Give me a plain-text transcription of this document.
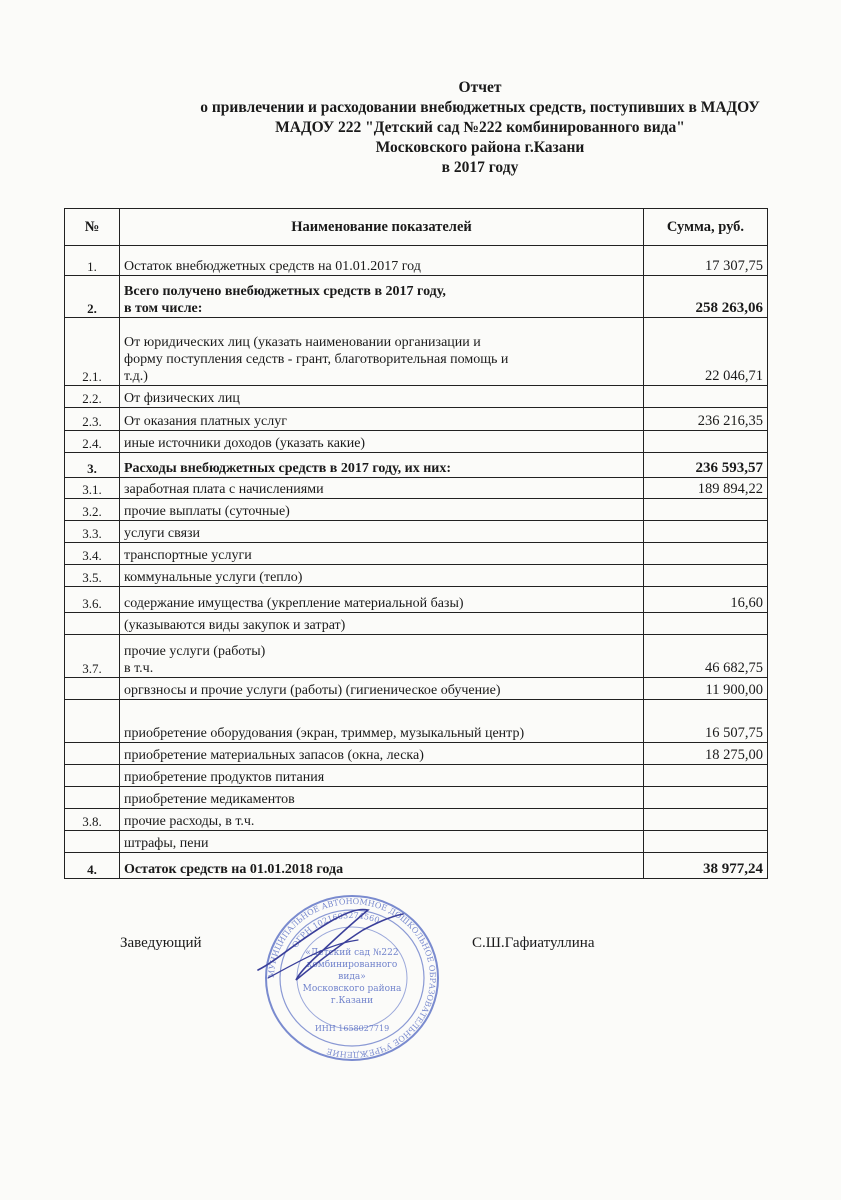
Отчет
о привлечении и расходовании внебюджетных средств, поступивших в МАДОУ
МАДОУ 222 "Детский сад №222 комбинированного вида"
Московского района г.Казани
в 2017 году
№	Наименование показателей	Сумма, руб.
1.	Остаток внебюджетных средств на 01.01.2017 год	17 307,75
2.	Всего получено внебюджетных средств в 2017 году,
в том числе:	258 263,06
2.1.	От юридических лиц (указать наименовании организации и
форму поступления седств - грант, благотворительная помощь и
т.д.)	22 046,71
2.2.	От физических лиц	
2.3.	От оказания платных услуг	236 216,35
2.4.	иные источники доходов (указать какие)	
3.	Расходы внебюджетных средств в 2017 году, их них:	236 593,57
3.1.	заработная плата с начислениями	189 894,22
3.2.	прочие выплаты (суточные)	
3.3.	услуги связи	
3.4.	транспортные услуги	
3.5.	коммунальные услуги (тепло)	
3.6.	содержание имущества (укрепление материальной базы)	16,60
	(указываются виды закупок и затрат)	
3.7.	прочие услуги (работы)
в т.ч.	46 682,75
	оргвзносы и прочие услуги (работы) (гигиеническое обучение)	11 900,00
	приобретение оборудования (экран, триммер, музыкальный центр)	16 507,75
	приобретение материальных запасов (окна, леска)	18 275,00
	приобретение продуктов питания	
	приобретение медикаментов	
3.8.	прочие расходы, в т.ч.	
	штрафы, пени	
4.	Остаток средств на 01.01.2018 года	38 977,24
МУНИЦИПАЛЬНОЕ АВТОНОМНОЕ ДОШКОЛЬНОЕ ОБРАЗОВАТЕЛЬНОЕ УЧРЕЖДЕНИЕ
ОГРН 1021603274560
«Детский сад №222
комбинированного
вида»
Московского района
г.Казани
ИНН 1658027719
Заведующий	С.Ш.Гафиатуллина
